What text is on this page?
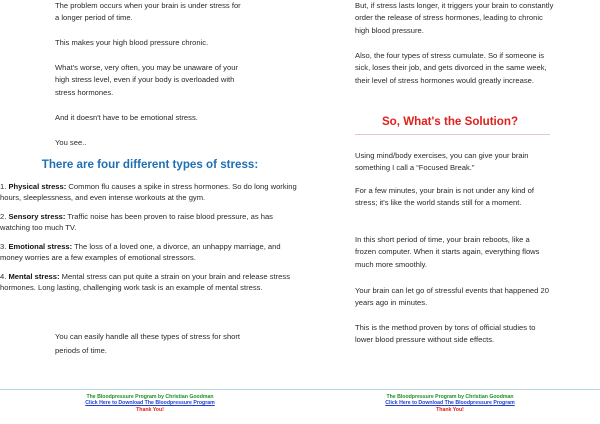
The problem occurs when your brain is under stress for a longer period of time.

This makes your high blood pressure chronic.

What's worse, very often, you may be unaware of your high stress level, even if your body is overloaded with stress hormones.

And it doesn't have to be emotional stress.

You see..

There are four different types of stress:

1. Physical stress: Common flu causes a spike in stress hormones. So do long working hours, sleeplessness, and even intense workouts at the gym.

2. Sensory stress: Traffic noise has been proven to raise blood pressure, as has watching too much TV.

3. Emotional stress: The loss of a loved one, a divorce, an unhappy marriage, and money worries are a few examples of emotional stressors.

4. Mental stress: Mental stress can put quite a strain on your brain and release stress hormones. Long lasting, challenging work task is an example of mental stress.

You can easily handle all these types of stress for short periods of time.

The Bloodpressure Program by Christian Goodman
Click Here to Download The Bloodpressure Program
Thank You!

But, if stress lasts longer, it triggers your brain to constantly order the release of stress hormones, leading to chronic high blood pressure.

Also, the four types of stress cumulate. So if someone is sick, loses their job, and gets divorced in the same week, their level of stress hormones would greatly increase.

So, What's the Solution?

Using mind/body exercises, you can give your brain something I call a “Focused Break.”

For a few minutes, your brain is not under any kind of stress; it's like the world stands still for a moment.

In this short period of time, your brain reboots, like a frozen computer. When it starts again, everything flows much more smoothly.

Your brain can let go of stressful events that happened 20 years ago in minutes.

This is the method proven by tons of official studies to lower blood pressure without side effects.

The Bloodpressure Program by Christian Goodman
Click Here to Download The Bloodpressure Program
Thank You!
